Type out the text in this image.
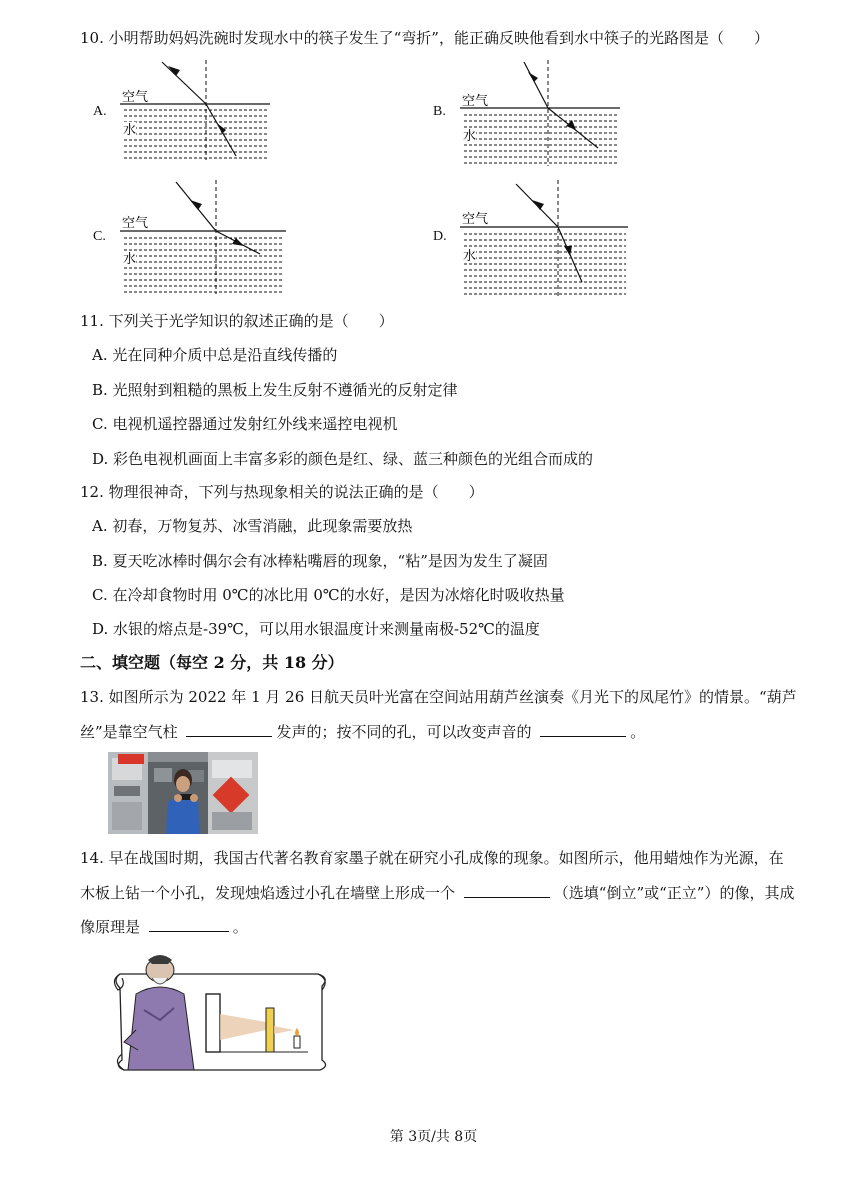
10. 小明帮助妈妈洗碗时发现水中的筷子发生了“弯折”，能正确反映他看到水中筷子的光路图是（　　）
A.
空气
水
B.
空气
水
C.
空气
水
D.
空气
水
11. 下列关于光学知识的叙述正确的是（　　）
A. 光在同种介质中总是沿直线传播的
B. 光照射到粗糙的黑板上发生反射不遵循光的反射定律
C. 电视机遥控器通过发射红外线来遥控电视机
D. 彩色电视机画面上丰富多彩的颜色是红、绿、蓝三种颜色的光组合而成的
12. 物理很神奇，下列与热现象相关的说法正确的是（　　）
A. 初春，万物复苏、冰雪消融，此现象需要放热
B. 夏天吃冰棒时偶尔会有冰棒粘嘴唇的现象，“粘”是因为发生了凝固
C. 在冷却食物时用 0℃的冰比用 0℃的水好，是因为冰熔化时吸收热量
D. 水银的熔点是-39℃，可以用水银温度计来测量南极-52℃的温度
二、填空题（每空 2 分，共 18 分）
13. 如图所示为 2022 年 1 月 26 日航天员叶光富在空间站用葫芦丝演奏《月光下的凤尾竹》的情景。“葫芦
丝”是靠空气柱	发声的；按不同的孔，可以改变声音的	。
14. 早在战国时期，我国古代著名教育家墨子就在研究小孔成像的现象。如图所示，他用蜡烛作为光源，在
木板上钻一个小孔，发现烛焰透过小孔在墙壁上形成一个	（选填“倒立”或“正立”）的像，其成
像原理是	。
第 3页/共 8页
